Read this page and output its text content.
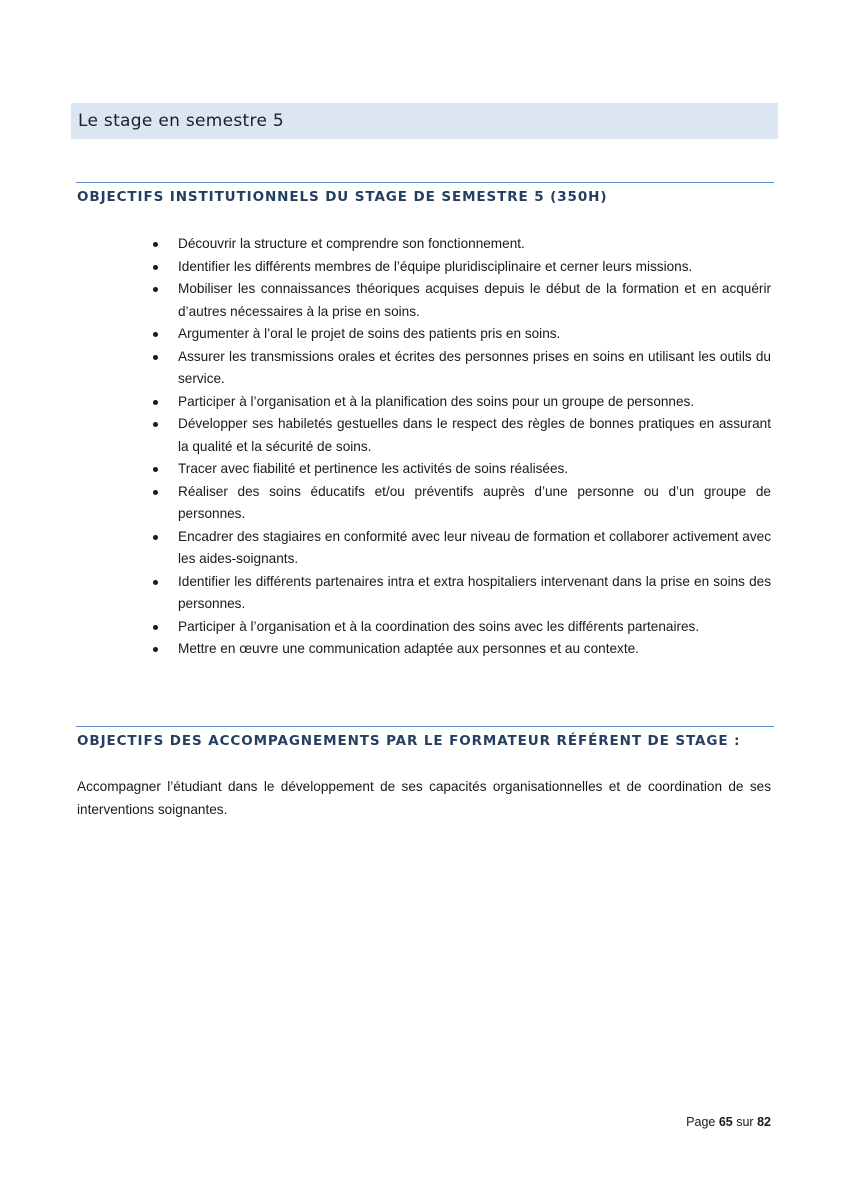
Le stage en semestre 5
OBJECTIFS INSTITUTIONNELS DU STAGE DE SEMESTRE 5 (350H)
Découvrir la structure et comprendre son fonctionnement.
Identifier les différents membres de l’équipe pluridisciplinaire et cerner leurs missions.
Mobiliser les connaissances théoriques acquises depuis le début de la formation et en acquérir d’autres nécessaires à la prise en soins.
Argumenter à l’oral le projet de soins des patients pris en soins.
Assurer les transmissions orales et écrites des personnes prises en soins en utilisant les outils du service.
Participer à l’organisation et à la planification des soins pour un groupe de personnes.
Développer ses habiletés gestuelles dans le respect des règles de bonnes pratiques en assurant la qualité et la sécurité de soins.
Tracer avec fiabilité et pertinence les activités de soins réalisées.
Réaliser des soins éducatifs et/ou préventifs auprès d’une personne ou d’un groupe de personnes.
Encadrer des stagiaires en conformité avec leur niveau de formation et collaborer activement avec les aides-soignants.
Identifier les différents partenaires intra et extra hospitaliers intervenant dans la prise en soins des personnes.
Participer à l’organisation et à la coordination des soins avec les différents partenaires.
Mettre en œuvre une communication adaptée aux personnes et au contexte.
OBJECTIFS DES ACCOMPAGNEMENTS PAR LE FORMATEUR RÉFÉRENT DE STAGE :

Accompagner l’étudiant dans le développement de ses capacités organisationnelles et de coordination de ses interventions soignantes.

Page 65 sur 82
